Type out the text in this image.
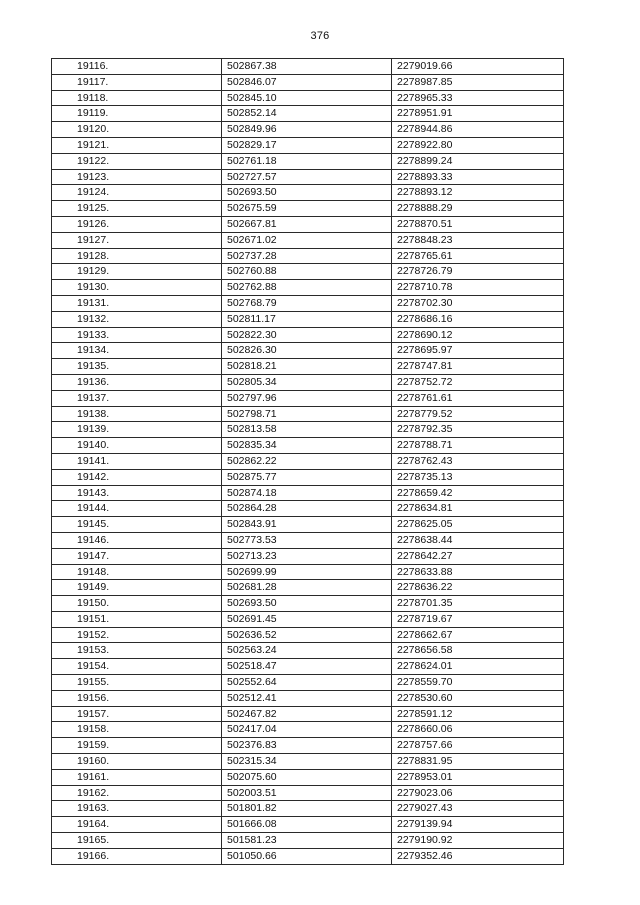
376
19116.	502867.38	2279019.66
19117.	502846.07	2278987.85
19118.	502845.10	2278965.33
19119.	502852.14	2278951.91
19120.	502849.96	2278944.86
19121.	502829.17	2278922.80
19122.	502761.18	2278899.24
19123.	502727.57	2278893.33
19124.	502693.50	2278893.12
19125.	502675.59	2278888.29
19126.	502667.81	2278870.51
19127.	502671.02	2278848.23
19128.	502737.28	2278765.61
19129.	502760.88	2278726.79
19130.	502762.88	2278710.78
19131.	502768.79	2278702.30
19132.	502811.17	2278686.16
19133.	502822.30	2278690.12
19134.	502826.30	2278695.97
19135.	502818.21	2278747.81
19136.	502805.34	2278752.72
19137.	502797.96	2278761.61
19138.	502798.71	2278779.52
19139.	502813.58	2278792.35
19140.	502835.34	2278788.71
19141.	502862.22	2278762.43
19142.	502875.77	2278735.13
19143.	502874.18	2278659.42
19144.	502864.28	2278634.81
19145.	502843.91	2278625.05
19146.	502773.53	2278638.44
19147.	502713.23	2278642.27
19148.	502699.99	2278633.88
19149.	502681.28	2278636.22
19150.	502693.50	2278701.35
19151.	502691.45	2278719.67
19152.	502636.52	2278662.67
19153.	502563.24	2278656.58
19154.	502518.47	2278624.01
19155.	502552.64	2278559.70
19156.	502512.41	2278530.60
19157.	502467.82	2278591.12
19158.	502417.04	2278660.06
19159.	502376.83	2278757.66
19160.	502315.34	2278831.95
19161.	502075.60	2278953.01
19162.	502003.51	2279023.06
19163.	501801.82	2279027.43
19164.	501666.08	2279139.94
19165.	501581.23	2279190.92
19166.	501050.66	2279352.46
